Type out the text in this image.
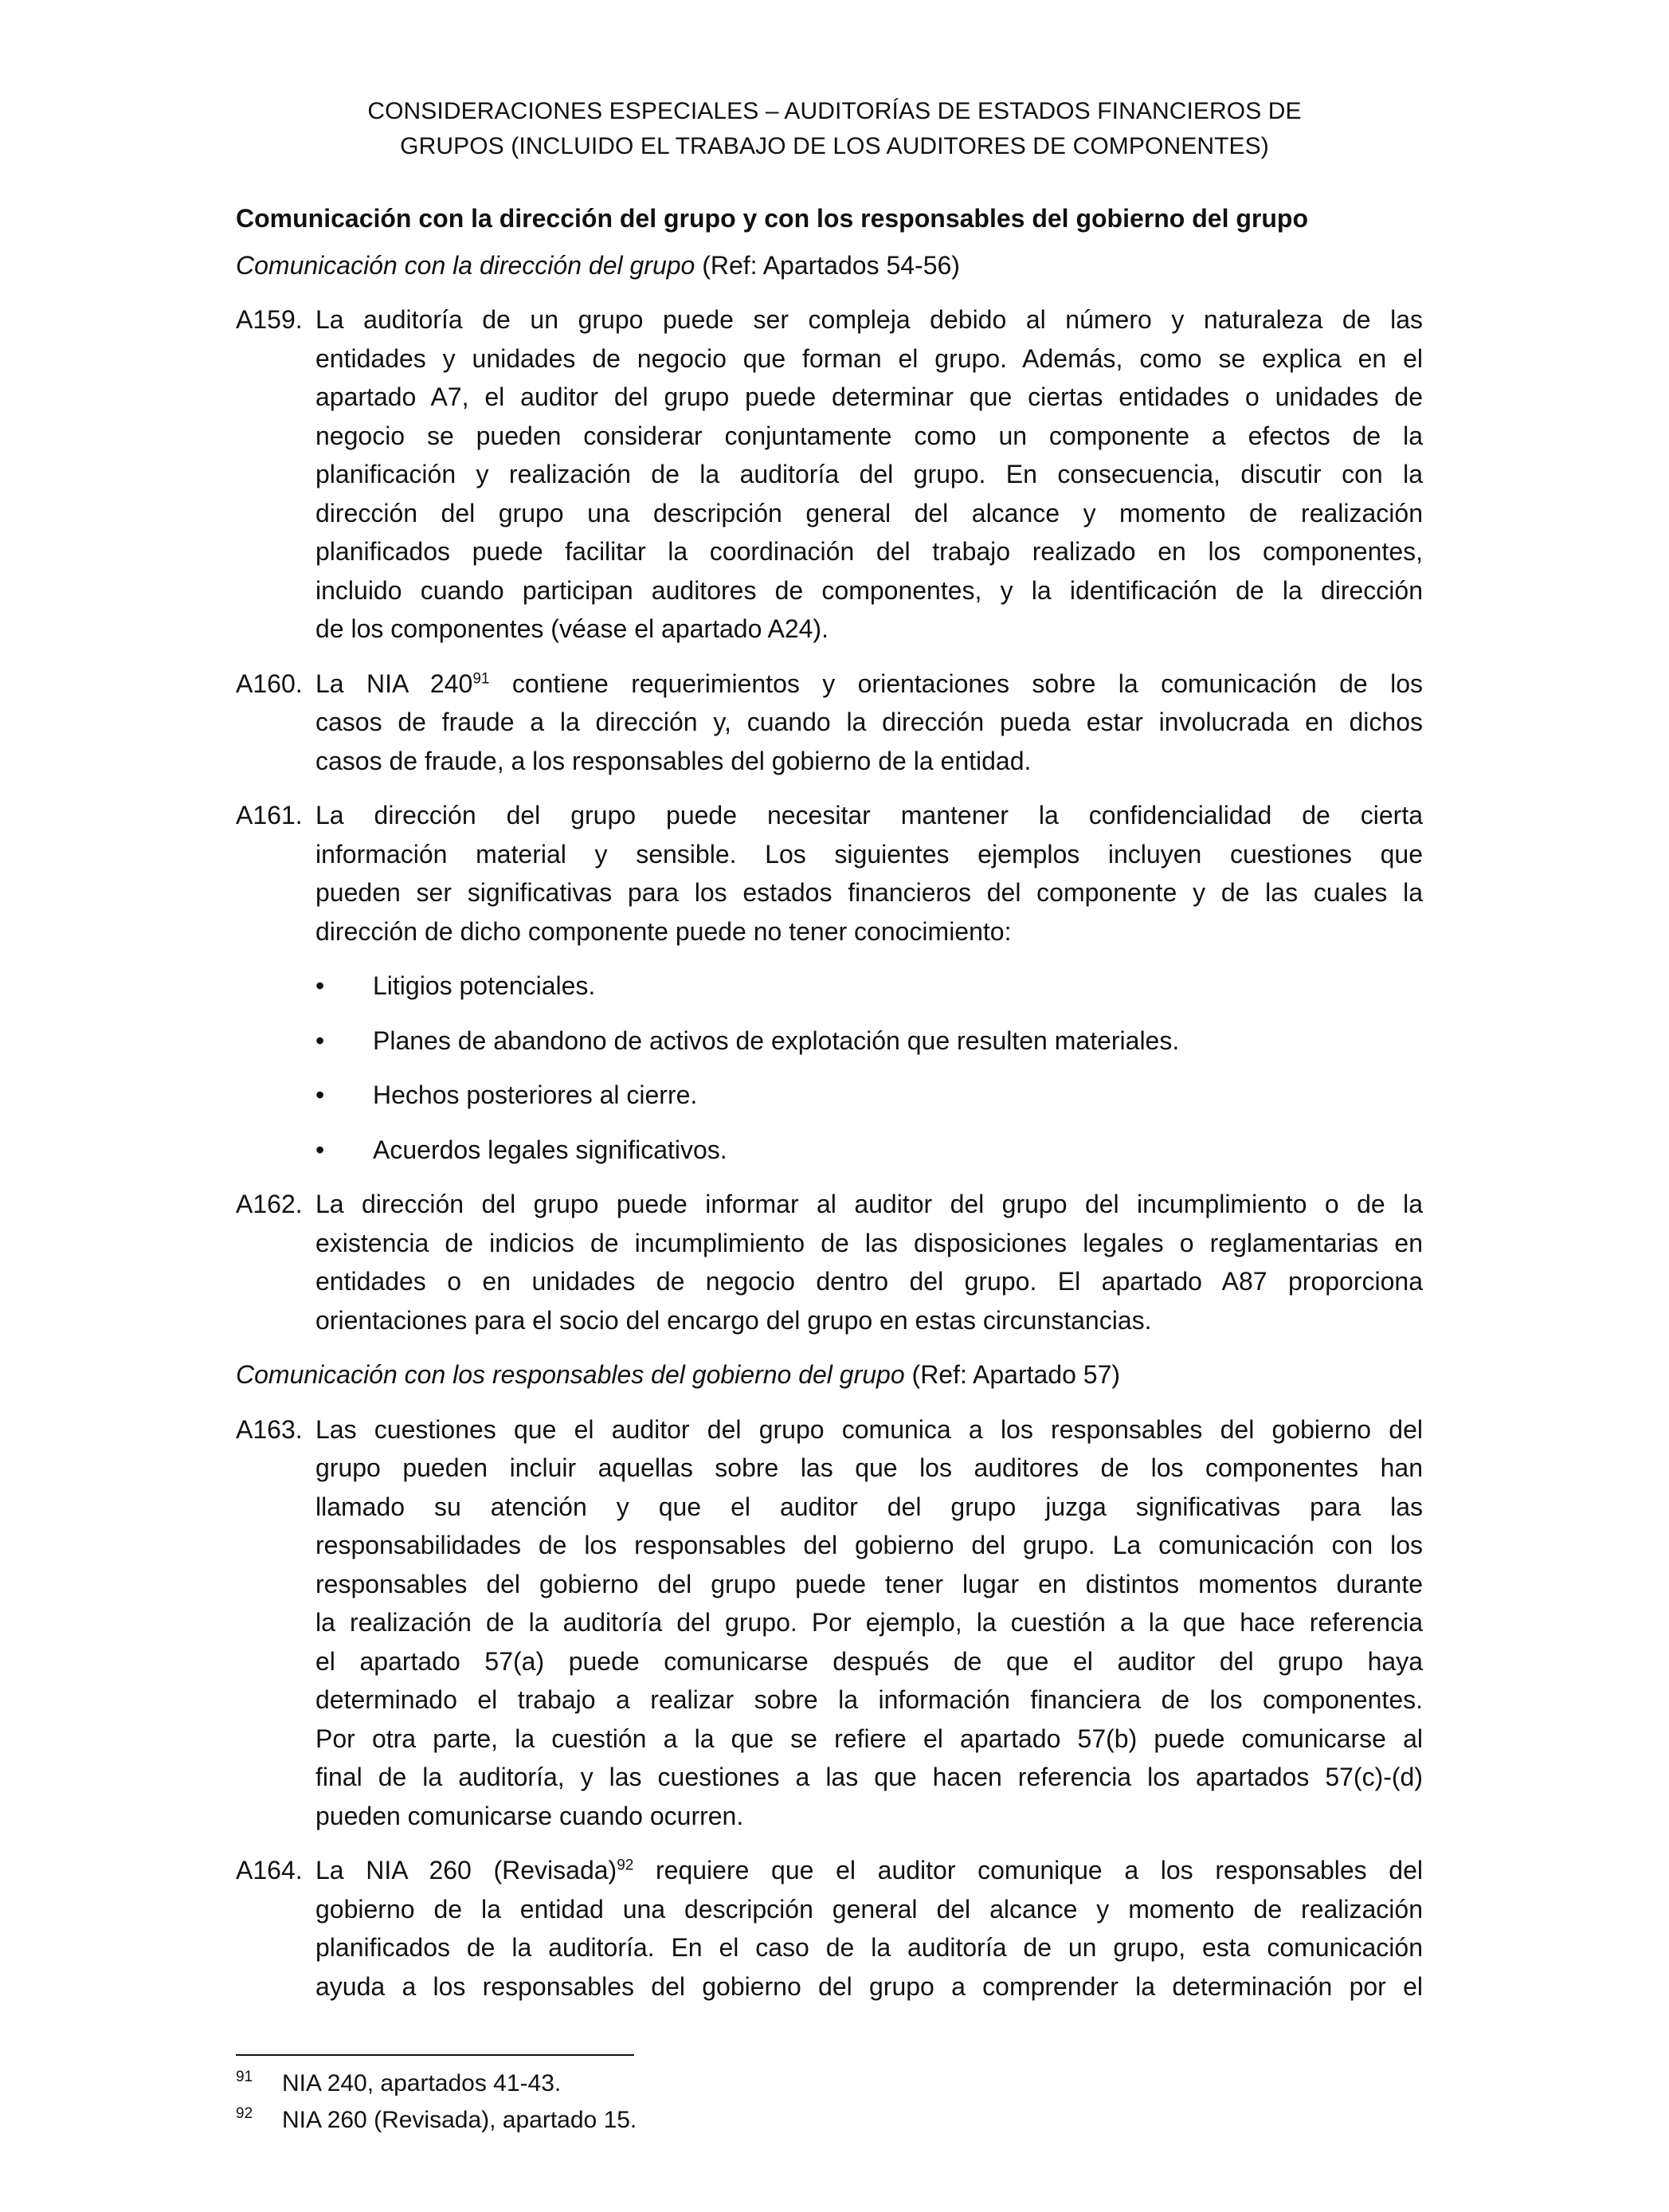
CONSIDERACIONES ESPECIALES – AUDITORÍAS DE ESTADOS FINANCIEROS DE
GRUPOS (INCLUIDO EL TRABAJO DE LOS AUDITORES DE COMPONENTES)
Comunicación con la dirección del grupo y con los responsables del gobierno del grupo
Comunicación con la dirección del grupo (Ref: Apartados 54-56)
A159. La auditoría de un grupo puede ser compleja debido al número y naturaleza de las
entidades y unidades de negocio que forman el grupo. Además, como se explica en el
apartado A7, el auditor del grupo puede determinar que ciertas entidades o unidades de
negocio se pueden considerar conjuntamente como un componente a efectos de la
planificación y realización de la auditoría del grupo. En consecuencia, discutir con la
dirección del grupo una descripción general del alcance y momento de realización
planificados puede facilitar la coordinación del trabajo realizado en los componentes,
incluido cuando participan auditores de componentes, y la identificación de la dirección
de los componentes (véase el apartado A24).
A160. La NIA $240^{91}$ contiene requerimientos y orientaciones sobre la comunicación de los
casos de fraude a la dirección y, cuando la dirección pueda estar involucrada en dichos
casos de fraude, a los responsables del gobierno de la entidad.
A161. La dirección del grupo puede necesitar mantener la confidencialidad de cierta
información material y sensible. Los siguientes ejemplos incluyen cuestiones que
pueden ser significativas para los estados financieros del componente y de las cuales la
dirección de dicho componente puede no tener conocimiento:
•	Litigios potenciales.
•	Planes de abandono de activos de explotación que resulten materiales.
•	Hechos posteriores al cierre.
•	Acuerdos legales significativos.
A162. La dirección del grupo puede informar al auditor del grupo del incumplimiento o de la
existencia de indicios de incumplimiento de las disposiciones legales o reglamentarias en
entidades o en unidades de negocio dentro del grupo. El apartado A87 proporciona
orientaciones para el socio del encargo del grupo en estas circunstancias.
Comunicación con los responsables del gobierno del grupo (Ref: Apartado 57)
A163. Las cuestiones que el auditor del grupo comunica a los responsables del gobierno del
grupo pueden incluir aquellas sobre las que los auditores de los componentes han
llamado su atención y que el auditor del grupo juzga significativas para las
responsabilidades de los responsables del gobierno del grupo. La comunicación con los
responsables del gobierno del grupo puede tener lugar en distintos momentos durante
la realización de la auditoría del grupo. Por ejemplo, la cuestión a la que hace referencia
el apartado 57(a) puede comunicarse después de que el auditor del grupo haya
determinado el trabajo a realizar sobre la información financiera de los componentes.
Por otra parte, la cuestión a la que se refiere el apartado 57(b) puede comunicarse al
final de la auditoría, y las cuestiones a las que hacen referencia los apartados 57(c)-(d)
pueden comunicarse cuando ocurren.
A164. La NIA 260 (Revisada)$^{92}$ requiere que el auditor comunique a los responsables del
gobierno de la entidad una descripción general del alcance y momento de realización
planificados de la auditoría. En el caso de la auditoría de un grupo, esta comunicación
ayuda a los responsables del gobierno del grupo a comprender la determinación por el
91	NIA 240, apartados 41-43.
92	NIA 260 (Revisada), apartado 15.
